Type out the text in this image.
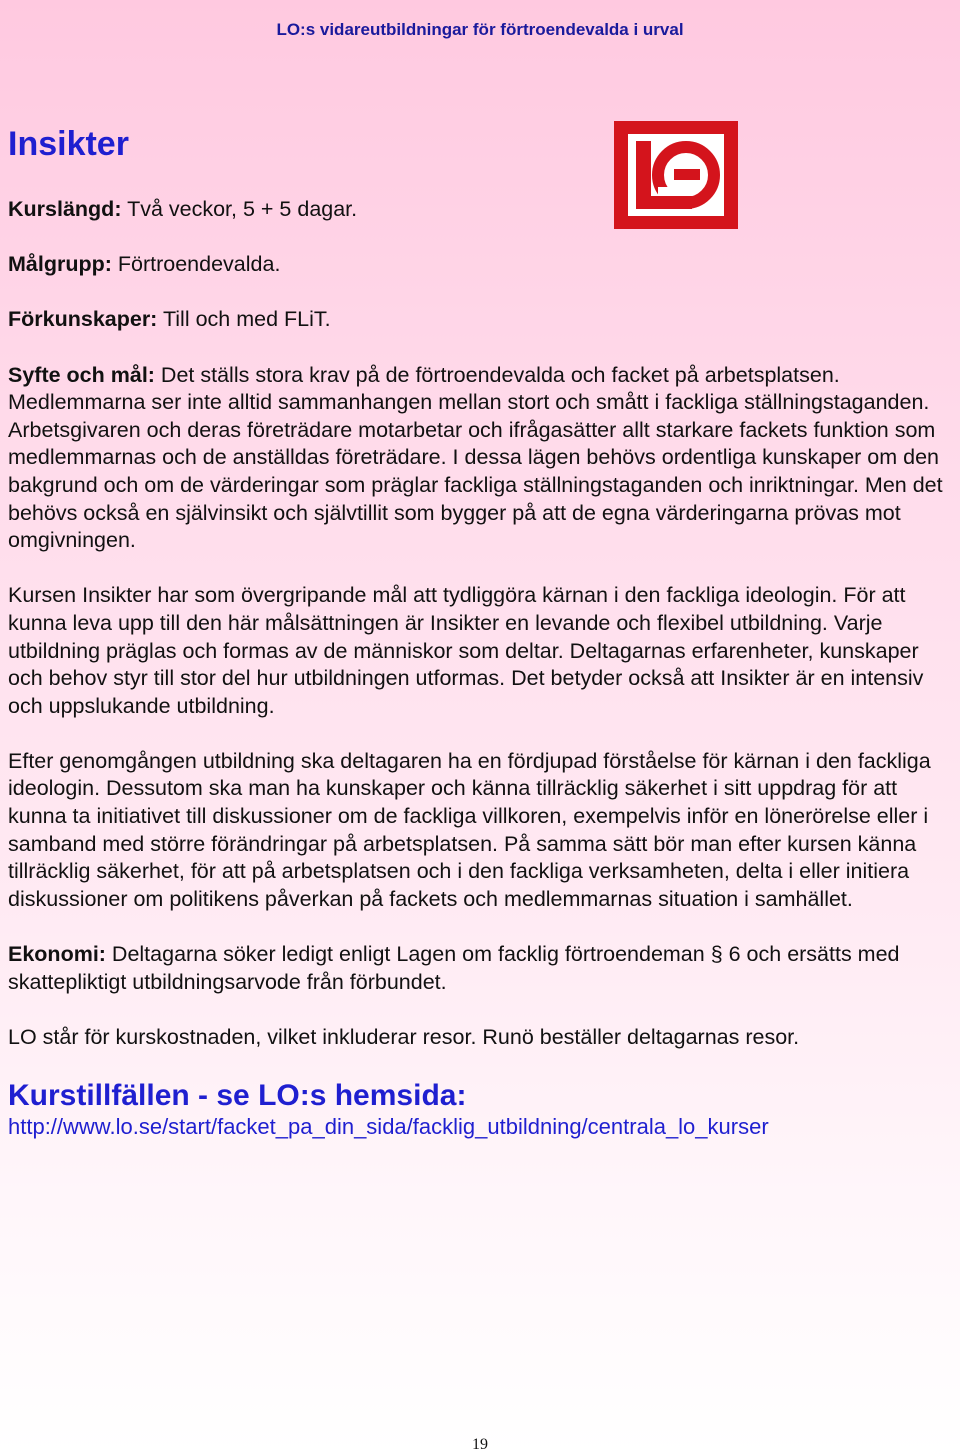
LO:s vidareutbildningar för förtroendevalda i urval
Insikter
Kurslängd: Två veckor, 5 + 5 dagar.
Målgrupp: Förtroendevalda.
Förkunskaper: Till och med FLiT.
Syfte och mål: Det ställs stora krav på de förtroendevalda och facket på arbetsplatsen. Medlemmarna ser inte alltid sammanhangen mellan stort och smått i fackliga ställningstaganden. Arbetsgivaren och deras företrädare motarbetar och ifrågasätter allt starkare fackets funktion som medlemmarnas och de anställdas företrädare. I dessa lägen behövs ordentliga kunskaper om den bakgrund och om de värderingar som präglar fackliga ställningstaganden och inriktningar. Men det behövs också en självinsikt och självtillit som bygger på att de egna värderingarna prövas mot omgivningen.
Kursen Insikter har som övergripande mål att tydliggöra kärnan i den fackliga ideologin. För att kunna leva upp till den här målsättningen är Insikter en levande och flexibel utbildning. Varje utbildning präglas och formas av de människor som deltar. Deltagarnas erfarenheter, kunskaper och behov styr till stor del hur utbildningen utformas. Det betyder också att Insikter är en intensiv och uppslukande utbildning.
Efter genomgången utbildning ska deltagaren ha en fördjupad förståelse för kärnan i den fackliga ideologin. Dessutom ska man ha kunskaper och känna tillräcklig säkerhet i sitt uppdrag för att kunna ta initiativet till diskussioner om de fackliga villkoren, exempelvis inför en lönerörelse eller i samband med större förändringar på arbetsplatsen. På samma sätt bör man efter kursen känna tillräcklig säkerhet, för att på arbetsplatsen och i den fackliga verksamheten, delta i eller initiera diskussioner om politikens påverkan på fackets och medlemmarnas situation i samhället.
Ekonomi: Deltagarna söker ledigt enligt Lagen om facklig förtroendeman § 6 och ersätts med skattepliktigt utbildningsarvode från förbundet.
LO står för kurskostnaden, vilket inkluderar resor. Runö beställer deltagarnas resor.
Kurstillfällen - se LO:s hemsida:
http://www.lo.se/start/facket_pa_din_sida/facklig_utbildning/centrala_lo_kurser
19
